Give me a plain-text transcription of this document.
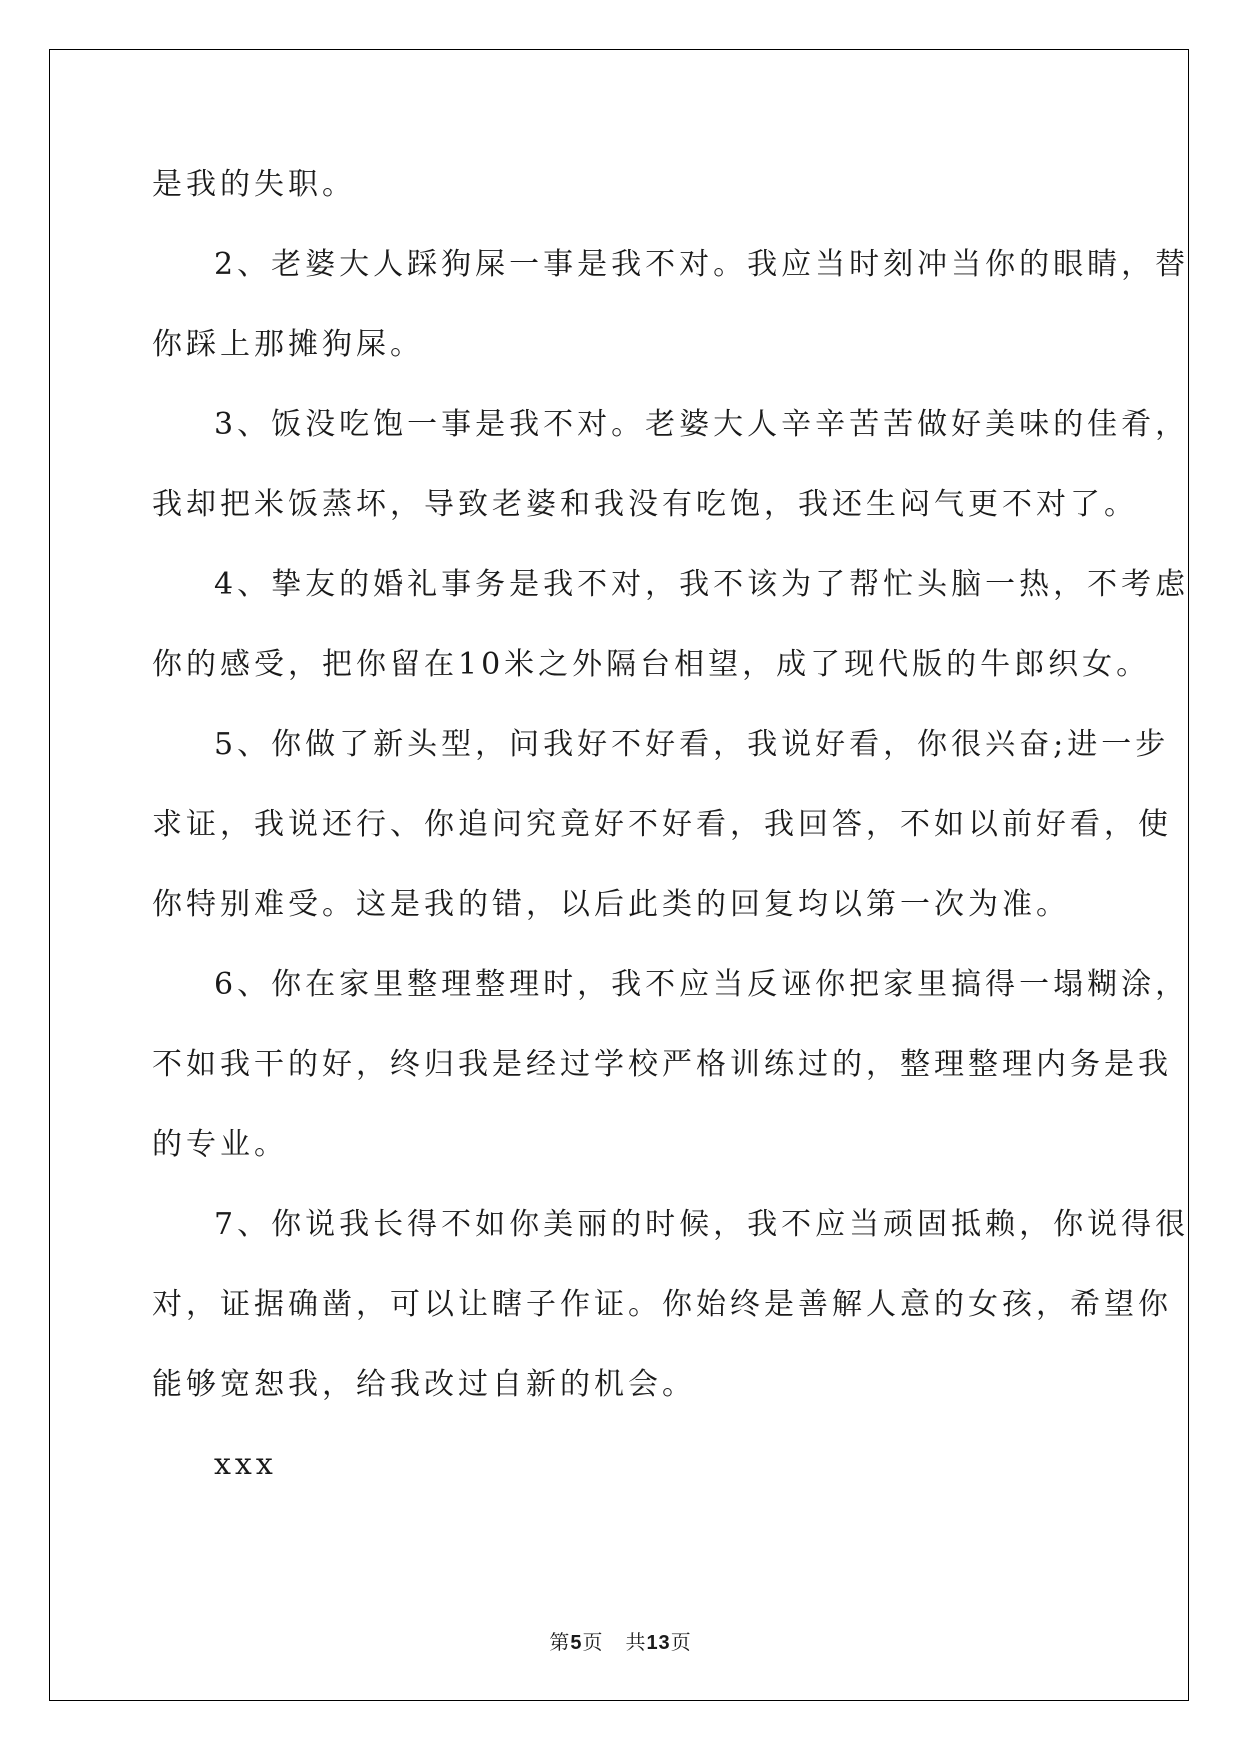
是我的失职。
2、老婆大人踩狗屎一事是我不对。我应当时刻冲当你的眼睛，替
你踩上那摊狗屎。
3、饭没吃饱一事是我不对。老婆大人辛辛苦苦做好美味的佳肴，
我却把米饭蒸坏，导致老婆和我没有吃饱，我还生闷气更不对了。
4、挚友的婚礼事务是我不对，我不该为了帮忙头脑一热，不考虑
你的感受，把你留在10米之外隔台相望，成了现代版的牛郎织女。
5、你做了新头型，问我好不好看，我说好看，你很兴奋;进一步
求证，我说还行、你追问究竟好不好看，我回答，不如以前好看，使
你特别难受。这是我的错，以后此类的回复均以第一次为准。
6、你在家里整理整理时，我不应当反诬你把家里搞得一塌糊涂，
不如我干的好，终归我是经过学校严格训练过的，整理整理内务是我
的专业。
7、你说我长得不如你美丽的时候，我不应当顽固抵赖，你说得很
对，证据确凿，可以让瞎子作证。你始终是善解人意的女孩，希望你
能够宽恕我，给我改过自新的机会。
xxx
第5页 共13页
